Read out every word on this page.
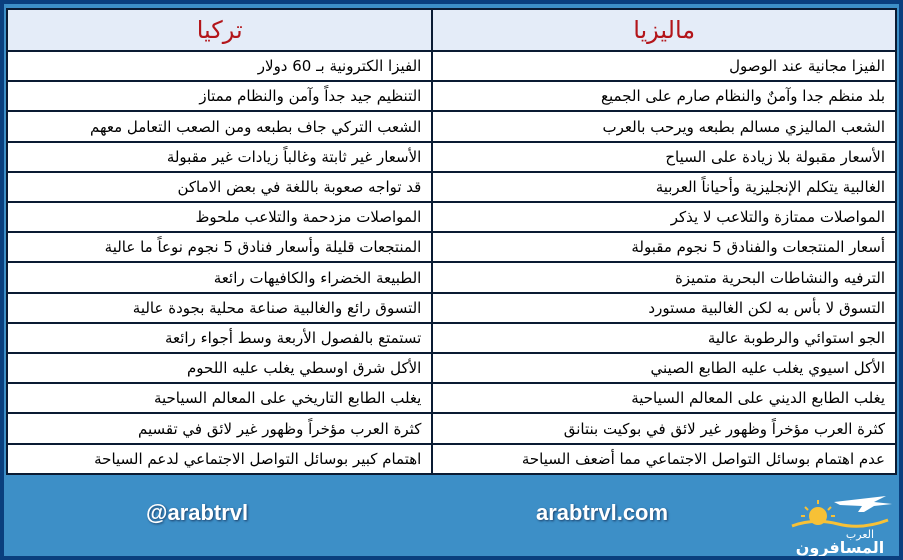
ماليزيا	تركيا
الفيزا مجانية عند الوصول	الفيزا الكترونية بـ 60 دولار
بلد منظم جدا وآمنٌ والنظام صارم على الجميع	التنظيم جيد جداً وآمن والنظام ممتاز
الشعب الماليزي مسالم بطبعه ويرحب بالعرب	الشعب التركي جاف بطبعه ومن الصعب التعامل معهم
الأسعار مقبولة بلا زيادة على السياح	الأسعار غير ثابتة وغالباً زيادات غير مقبولة
الغالبية يتكلم الإنجليزية وأحياناً العربية	قد تواجه صعوبة باللغة في بعض الاماكن
المواصلات ممتازة والتلاعب لا يذكر	المواصلات مزدحمة والتلاعب ملحوظ
أسعار المنتجعات والفنادق 5 نجوم مقبولة	المنتجعات قليلة وأسعار فنادق 5 نجوم نوعاً ما عالية
الترفيه والنشاطات البحرية متميزة	الطبيعة الخضراء والكافيهات رائعة
التسوق لا بأس به لكن الغالبية مستورد	التسوق رائع والغالبية صناعة محلية بجودة عالية
الجو استوائي والرطوبة عالية	تستمتع بالفصول الأربعة وسط أجواء رائعة
الأكل اسيوي يغلب عليه الطابع الصيني	الأكل شرق اوسطي يغلب عليه اللحوم
يغلب الطابع الديني على المعالم السياحية	يغلب الطابع التاريخي على المعالم السياحية
كثرة العرب مؤخراً وظهور غير لائق في بوكيت بنتانق	كثرة العرب مؤخراً وظهور غير لائق في تقسيم
عدم اهتمام بوسائل التواصل الاجتماعي مما أضعف السياحة	اهتمام كبير بوسائل التواصل الاجتماعي لدعم السياحة
@arabtrvl	arabtrvl.com
العرب
المسافرون
